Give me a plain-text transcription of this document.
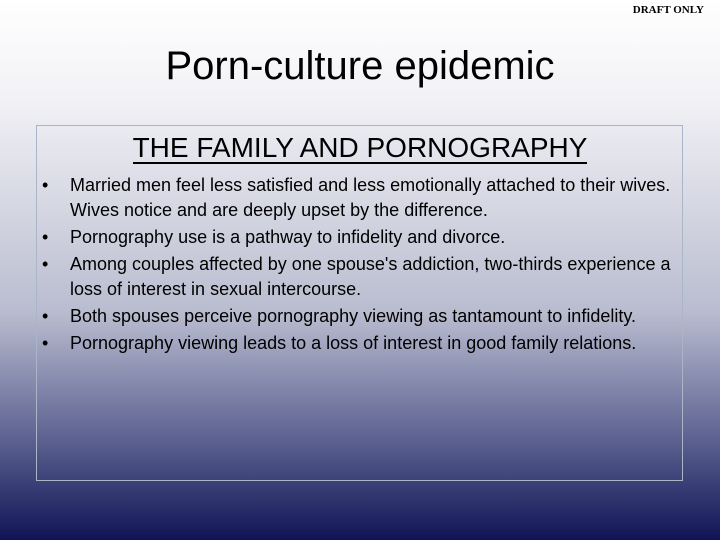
DRAFT ONLY
Porn-culture epidemic
THE FAMILY AND PORNOGRAPHY
• Married men feel less satisfied and less emotionally attached to their wives. Wives notice and are deeply upset by the difference.
• Pornography use is a pathway to infidelity and divorce.
• Among couples affected by one spouse's addiction, two-thirds experience a loss of interest in sexual intercourse.
• Both spouses perceive pornography viewing as tantamount to infidelity.
• Pornography viewing leads to a loss of interest in good family relations.
